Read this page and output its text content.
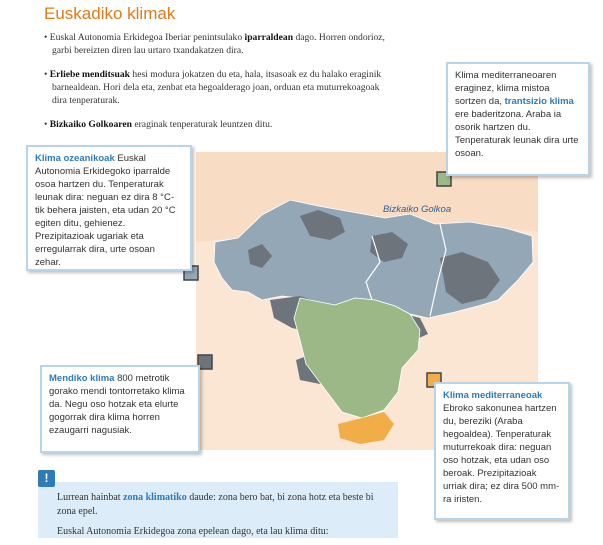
Euskadiko klimak

• Euskal Autonomia Erkidegoa Iberiar penintsulako iparraldean dago. Horren ondorioz, garbi bereizten diren lau urtaro txandakatzen dira.

• Erliebe menditsuak hesi modura jokatzen du eta, hala, itsasoak ez du halako eraginik barnealdean. Hori dela eta, zenbat eta hegoalderago joan, orduan eta muturrekoagoak dira tenperaturak.

• Bizkaiko Golkoaren eraginak tenperaturak leuntzen ditu.

Bizkaiko Golkoa
Klima mediterraneoaren eraginez, klima mistoa sortzen da, trantsizio klima ere baderitzona. Araba ia osorik hartzen du. Tenperaturak leunak dira urte osoan.
Klima ozeanikoak Euskal Autonomia Erkidegoko iparralde osoa hartzen du. Tenperaturak leunak dira: neguan ez dira 8 °C-tik behera jaisten, eta udan 20 °C egiten ditu, gehienez. Prezipitazioak ugariak eta erregularrak dira, urte osoan zehar.
Mendiko klima 800 metrotik gorako mendi tontorretako klima da. Negu oso hotzak eta elurte gogorrak dira klima horren ezaugarri nagusiak.
Klima mediterraneoak Ebroko sakonunea hartzen du, bereziki (Araba hegoaldea). Tenperaturak muturrekoak dira: neguan oso hotzak, eta udan oso beroak. Prezipitazioak urriak dira; ez dira 500 mm-ra iristen.
!

Lurrean hainbat zona klimatiko daude: zona bero bat, bi zona hotz eta beste bi zona epel.

Euskal Autonomia Erkidegoa zona epelean dago, eta lau klima ditu:
